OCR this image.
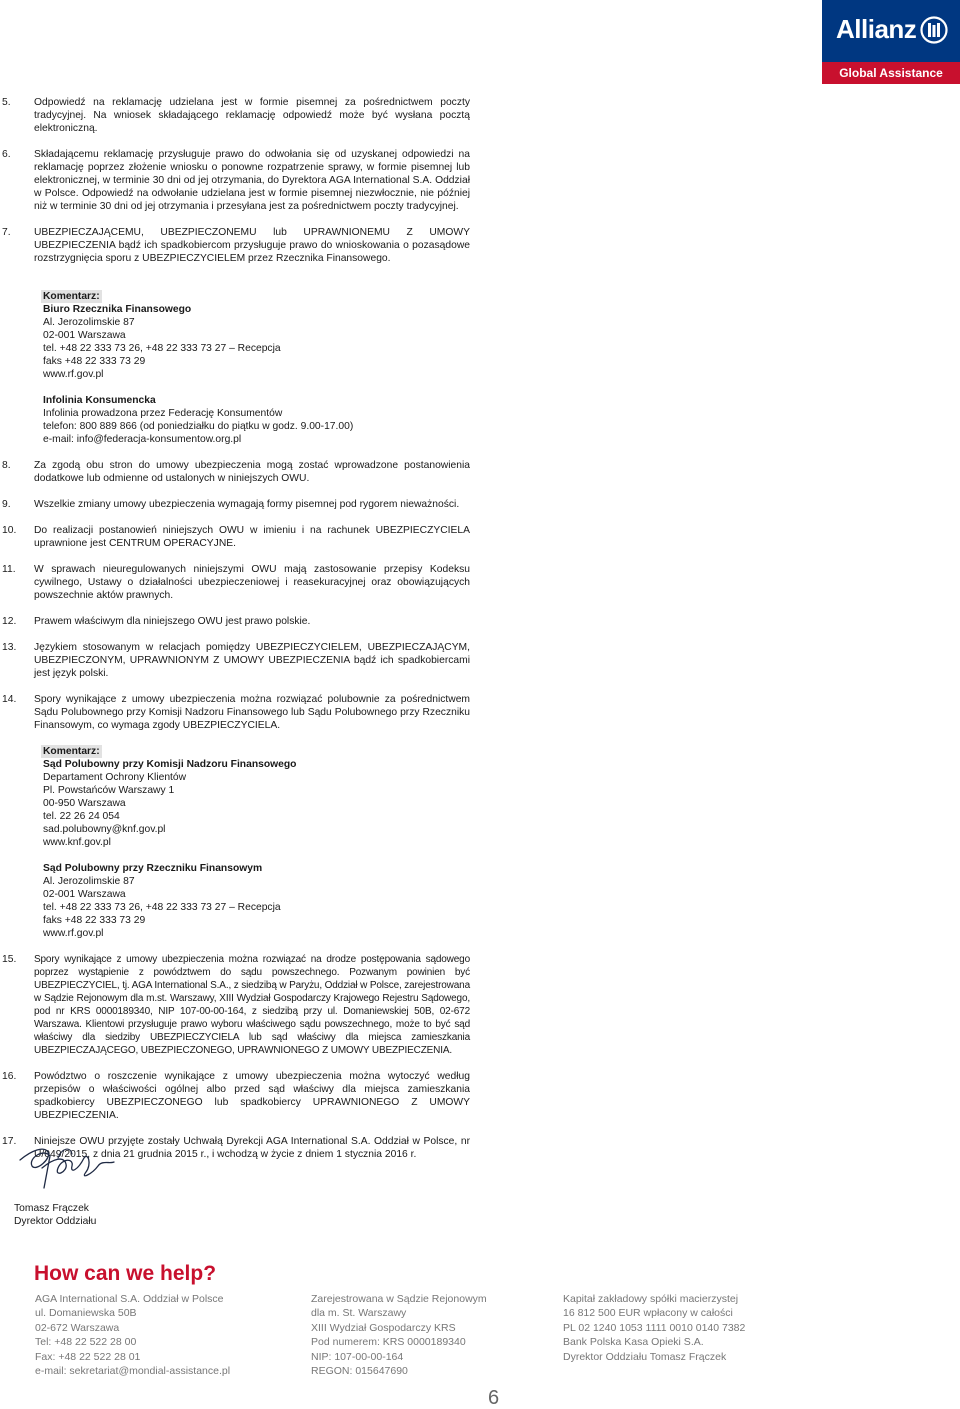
Allianz
Global Assistance
5.	Odpowiedź na reklamację udzielana jest w formie pisemnej za pośrednictwem poczty tradycyjnej. Na wniosek składającego reklamację odpowiedź może być wysłana pocztą elektroniczną.
6.	Składającemu reklamację przysługuje prawo do odwołania się od uzyskanej odpowiedzi na reklamację poprzez złożenie wniosku o ponowne rozpatrzenie sprawy, w formie pisemnej lub elektronicznej, w terminie 30 dni od jej otrzymania, do Dyrektora AGA International S.A. Oddział w Polsce. Odpowiedź na odwołanie udzielana jest w formie pisemnej niezwłocznie, nie później niż w terminie 30 dni od jej otrzymania i przesyłana jest za pośrednictwem poczty tradycyjnej.
7.	UBEZPIECZAJĄCEMU, UBEZPIECZONEMU lub UPRAWNIONEMU Z UMOWY UBEZPIECZENIA bądź ich spadkobiercom przysługuje prawo do wnioskowania o pozasądowe rozstrzygnięcia sporu z UBEZPIECZYCIELEM przez Rzecznika Finansowego.
Komentarz:
Biuro Rzecznika Finansowego
Al. Jerozolimskie 87
02-001 Warszawa
tel. +48 22 333 73 26, +48 22 333 73 27 – Recepcja
faks +48 22 333 73 29
www.rf.gov.pl
Infolinia Konsumencka
Infolinia prowadzona przez Federację Konsumentów
telefon: 800 889 866 (od poniedziałku do piątku w godz. 9.00-17.00)
e-mail: info@federacja-konsumentow.org.pl
8.	Za zgodą obu stron do umowy ubezpieczenia mogą zostać wprowadzone postanowienia dodatkowe lub odmienne od ustalonych w niniejszych OWU.
9.	Wszelkie zmiany umowy ubezpieczenia wymagają formy pisemnej pod rygorem nieważności.
10.	Do realizacji postanowień niniejszych OWU w imieniu i na rachunek UBEZPIECZYCIELA uprawnione jest CENTRUM OPERACYJNE.
11.	W sprawach nieuregulowanych niniejszymi OWU mają zastosowanie przepisy Kodeksu cywilnego, Ustawy o działalności ubezpieczeniowej i reasekuracyjnej oraz obowiązujących powszechnie aktów prawnych.
12.	Prawem właściwym dla niniejszego OWU jest prawo polskie.
13.	Językiem stosowanym w relacjach pomiędzy UBEZPIECZYCIELEM, UBEZPIECZAJĄCYM, UBEZPIECZONYM, UPRAWNIONYM Z UMOWY UBEZPIECZENIA bądź ich spadkobiercami jest język polski.
14.	Spory wynikające z umowy ubezpieczenia można rozwiązać polubownie za pośrednictwem Sądu Polubownego przy Komisji Nadzoru Finansowego lub Sądu Polubownego przy Rzeczniku Finansowym, co wymaga zgody UBEZPIECZYCIELA.
Komentarz:
Sąd Polubowny przy Komisji Nadzoru Finansowego
Departament Ochrony Klientów
Pl. Powstańców Warszawy 1
00-950 Warszawa
tel. 22 26 24 054
sad.polubowny@knf.gov.pl
www.knf.gov.pl
Sąd Polubowny przy Rzeczniku Finansowym
Al. Jerozolimskie 87
02-001 Warszawa
tel. +48 22 333 73 26, +48 22 333 73 27 – Recepcja
faks +48 22 333 73 29
www.rf.gov.pl
15.	Spory wynikające z umowy ubezpieczenia można rozwiązać na drodze postępowania sądowego poprzez wystąpienie z powództwem do sądu powszechnego. Pozwanym powinien być UBEZPIECZYCIEL, tj. AGA International S.A., z siedzibą w Paryżu, Oddział w Polsce, zarejestrowana w Sądzie Rejonowym dla m.st. Warszawy, XIII Wydział Gospodarczy Krajowego Rejestru Sądowego, pod nr KRS 0000189340, NIP 107-00-00-164, z siedzibą przy ul. Domaniewskiej 50B, 02-672 Warszawa. Klientowi przysługuje prawo wyboru właściwego sądu powszechnego, może to być sąd właściwy dla siedziby UBEZPIECZYCIELA lub sąd właściwy dla miejsca zamieszkania UBEZPIECZAJĄCEGO, UBEZPIECZONEGO, UPRAWNIONEGO Z UMOWY UBEZPIECZENIA.
16.	Powództwo o roszczenie wynikające z umowy ubezpieczenia można wytoczyć według przepisów o właściwości ogólnej albo przed sąd właściwy dla miejsca zamieszkania spadkobiercy UBEZPIECZONEGO lub spadkobiercy UPRAWNIONEGO Z UMOWY UBEZPIECZENIA.
17.	Niniejsze OWU przyjęte zostały Uchwałą Dyrekcji AGA International S.A. Oddział w Polsce, nr U/049/2015, z dnia 21 grudnia 2015 r., i wchodzą w życie z dniem 1 stycznia 2016 r.
Tomasz Frączek
Dyrektor Oddziału
How can we help?
AGA International S.A. Oddział w Polsce
ul. Domaniewska 50B
02-672 Warszawa
Tel: +48 22 522 28 00
Fax: +48 22 522 28 01
e-mail: sekretariat@mondial-assistance.pl
Zarejestrowana w Sądzie Rejonowym
dla m. St. Warszawy
XIII Wydział Gospodarczy KRS
Pod numerem: KRS 0000189340
NIP: 107-00-00-164
REGON: 015647690
Kapitał zakładowy spółki macierzystej
16 812 500 EUR wpłacony w całości
PL 02 1240 1053 1111 0010 0140 7382
Bank Polska Kasa Opieki S.A.
Dyrektor Oddziału Tomasz Frączek
6
